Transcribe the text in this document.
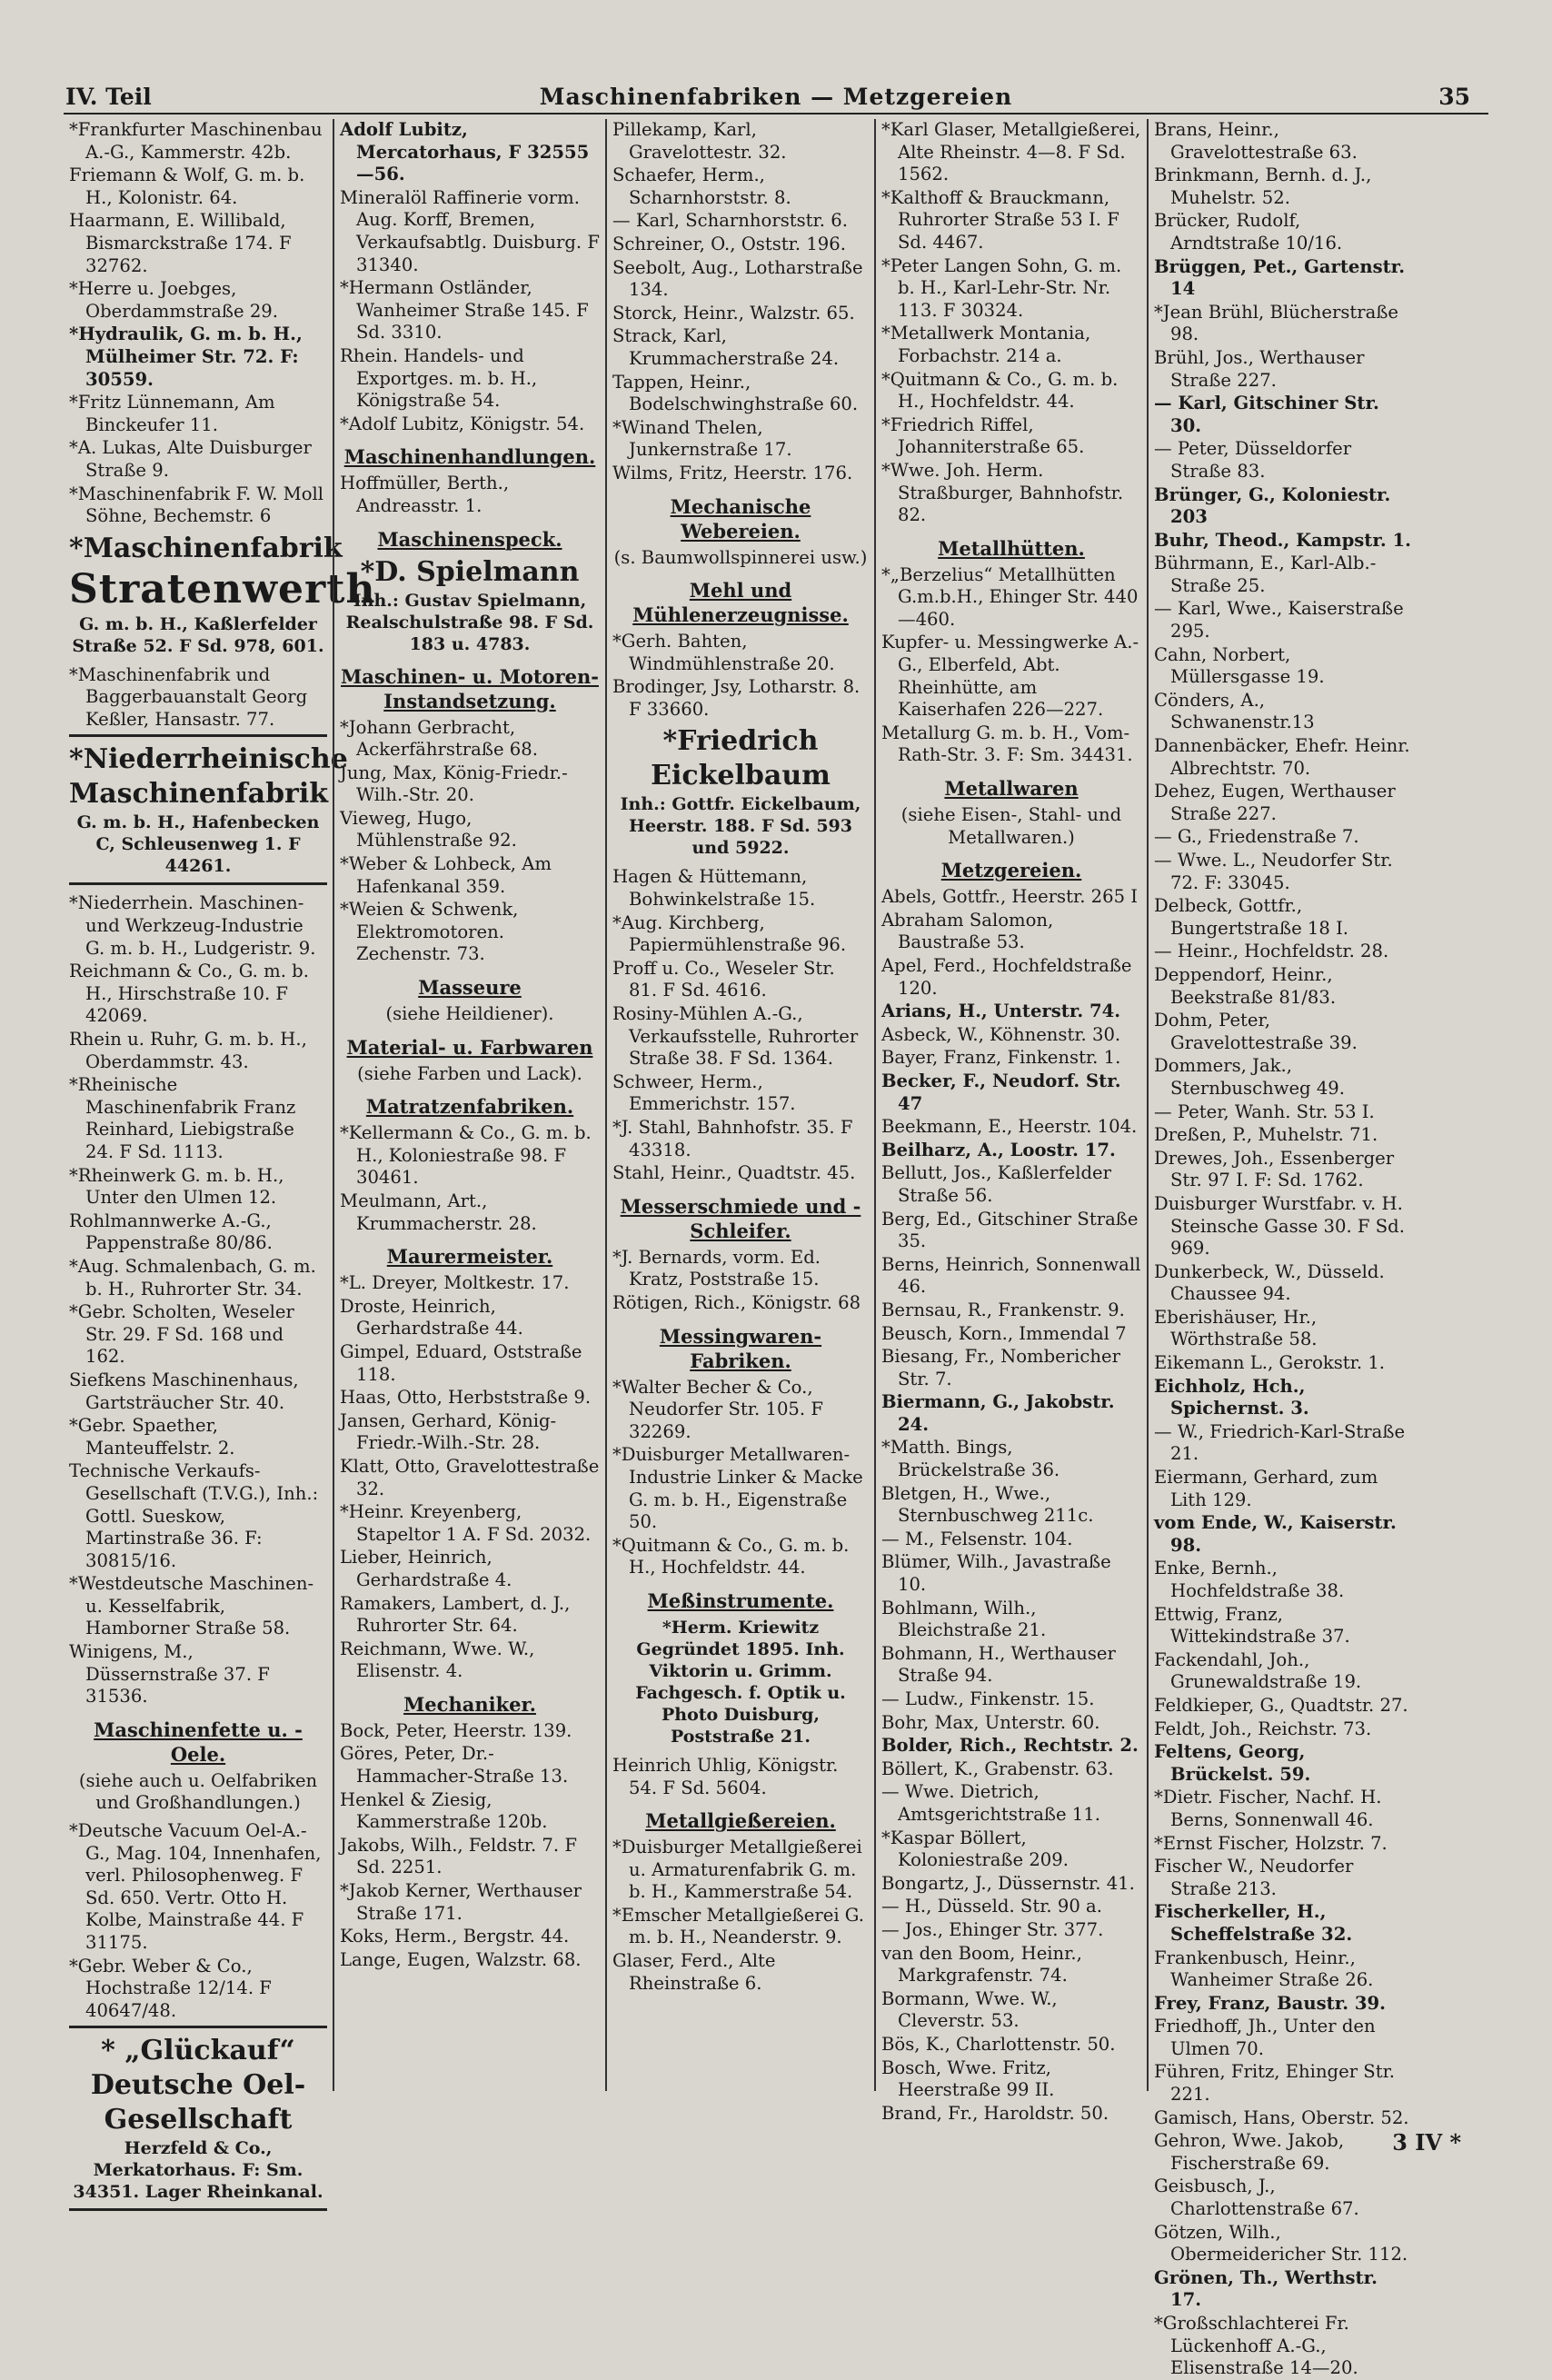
IV. Teil	Maschinenfabriken — Metzgereien	35
*Frankfurter Maschinenbau A.-G., Kammerstr. 42b.
Friemann & Wolf, G. m. b. H., Kolonistr. 64.
Haarmann, E. Willibald, Bismarckstraße 174. F 32762.
*Herre u. Joebges, Oberdammstraße 29.
*Hydraulik, G. m. b. H., Mülheimer Str. 72. F: 30559.
*Fritz Lünnemann, Am Binckeufer 11.
*A. Lukas, Alte Duisburger Straße 9.
*Maschinenfabrik F. W. Moll Söhne, Bechemstr. 6
*Maschinenfabrik
Stratenwerth
G. m. b. H., Kaßlerfelder Straße 52. F Sd. 978, 601.
*Maschinenfabrik und Baggerbauanstalt Georg Keßler, Hansastr. 77.
*Niederrheinische Maschinenfabrik
G. m. b. H., Hafenbecken C, Schleusenweg 1. F 44261.
*Niederrhein. Maschinen- und Werkzeug-Industrie G. m. b. H., Ludgeristr. 9.
Reichmann & Co., G. m. b. H., Hirschstraße 10. F 42069.
Rhein u. Ruhr, G. m. b. H., Oberdammstr. 43.
*Rheinische Maschinenfabrik Franz Reinhard, Liebigstraße 24. F Sd. 1113.
*Rheinwerk G. m. b. H., Unter den Ulmen 12.
Rohlmannwerke A.-G., Pappenstraße 80/86.
*Aug. Schmalenbach, G. m. b. H., Ruhrorter Str. 34.
*Gebr. Scholten, Weseler Str. 29. F Sd. 168 und 162.
Siefkens Maschinenhaus, Gartsträucher Str. 40.
*Gebr. Spaether, Manteuffelstr. 2.
Technische Verkaufs-Gesellschaft (T.V.G.), Inh.: Gottl. Sueskow, Martinstraße 36. F: 30815/16.
*Westdeutsche Maschinen- u. Kesselfabrik, Hamborner Straße 58.
Winigens, M., Düssernstraße 37. F 31536.
Maschinenfette u. -Oele.
(siehe auch u. Oelfabriken und Großhandlungen.)
*Deutsche Vacuum Oel-A.-G., Mag. 104, Innenhafen, verl. Philosophenweg. F Sd. 650. Vertr. Otto H. Kolbe, Mainstraße 44. F 31175.
*Gebr. Weber & Co., Hochstraße 12/14. F 40647/48.
* „Glückauf“ Deutsche Oel-Gesellschaft
Herzfeld & Co., Merkatorhaus. F: Sm. 34351. Lager Rheinkanal.
Adolf Lubitz, Mercatorhaus, F 32555—56.
Mineralöl Raffinerie vorm. Aug. Korff, Bremen, Verkaufsabtlg. Duisburg. F 31340.
*Hermann Ostländer, Wanheimer Straße 145. F Sd. 3310.
Rhein. Handels- und Exportges. m. b. H., Königstraße 54.
*Adolf Lubitz, Königstr. 54.
Maschinenhandlungen.
Hoffmüller, Berth., Andreasstr. 1.
Maschinenspeck.
*D. Spielmann
Inh.: Gustav Spielmann, Realschulstraße 98. F Sd. 183 u. 4783.
Maschinen- u. Motoren-Instandsetzung.
*Johann Gerbracht, Ackerfährstraße 68.
Jung, Max, König-Friedr.-Wilh.-Str. 20.
Vieweg, Hugo, Mühlenstraße 92.
*Weber & Lohbeck, Am Hafenkanal 359.
*Weien & Schwenk, Elektromotoren. Zechenstr. 73.
Masseure
(siehe Heildiener).
Material- u. Farbwaren
(siehe Farben und Lack).
Matratzenfabriken.
*Kellermann & Co., G. m. b. H., Koloniestraße 98. F 30461.
Meulmann, Art., Krummacherstr. 28.
Maurermeister.
*L. Dreyer, Moltkestr. 17.
Droste, Heinrich, Gerhardstraße 44.
Gimpel, Eduard, Oststraße 118.
Haas, Otto, Herbststraße 9.
Jansen, Gerhard, König-Friedr.-Wilh.-Str. 28.
Klatt, Otto, Gravelottestraße 32.
*Heinr. Kreyenberg, Stapeltor 1 A. F Sd. 2032.
Lieber, Heinrich, Gerhardstraße 4.
Ramakers, Lambert, d. J., Ruhrorter Str. 64.
Reichmann, Wwe. W., Elisenstr. 4.
Mechaniker.
Bock, Peter, Heerstr. 139.
Göres, Peter, Dr.-Hammacher-Straße 13.
Henkel & Ziesig, Kammerstraße 120b.
Jakobs, Wilh., Feldstr. 7. F Sd. 2251.
*Jakob Kerner, Werthauser Straße 171.
Koks, Herm., Bergstr. 44.
Lange, Eugen, Walzstr. 68.
Pillekamp, Karl, Gravelottestr. 32.
Schaefer, Herm., Scharnhorststr. 8.
— Karl, Scharnhorststr. 6.
Schreiner, O., Oststr. 196.
Seebolt, Aug., Lotharstraße 134.
Storck, Heinr., Walzstr. 65.
Strack, Karl, Krummacherstraße 24.
Tappen, Heinr., Bodelschwinghstraße 60.
*Winand Thelen, Junkernstraße 17.
Wilms, Fritz, Heerstr. 176.
Mechanische Webereien.
(s. Baumwollspinnerei usw.)
Mehl und Mühlenerzeugnisse.
*Gerh. Bahten, Windmühlenstraße 20.
Brodinger, Jsy, Lotharstr. 8. F 33660.
*Friedrich Eickelbaum
Inh.: Gottfr. Eickelbaum, Heerstr. 188. F Sd. 593 und 5922.
Hagen & Hüttemann, Bohwinkelstraße 15.
*Aug. Kirchberg, Papiermühlenstraße 96.
Proff u. Co., Weseler Str. 81. F Sd. 4616.
Rosiny-Mühlen A.-G., Verkaufsstelle, Ruhrorter Straße 38. F Sd. 1364.
Schweer, Herm., Emmerichstr. 157.
*J. Stahl, Bahnhofstr. 35. F 43318.
Stahl, Heinr., Quadtstr. 45.
Messerschmiede und -Schleifer.
*J. Bernards, vorm. Ed. Kratz, Poststraße 15.
Rötigen, Rich., Königstr. 68
Messingwaren-Fabriken.
*Walter Becher & Co., Neudorfer Str. 105. F 32269.
*Duisburger Metallwaren-Industrie Linker & Macke G. m. b. H., Eigenstraße 50.
*Quitmann & Co., G. m. b. H., Hochfeldstr. 44.
Meßinstrumente.
*Herm. Kriewitz Gegründet 1895. Inh. Viktorin u. Grimm. Fachgesch. f. Optik u. Photo Duisburg, Poststraße 21.
Heinrich Uhlig, Königstr. 54. F Sd. 5604.
Metallgießereien.
*Duisburger Metallgießerei u. Armaturenfabrik G. m. b. H., Kammerstraße 54.
*Emscher Metallgießerei G. m. b. H., Neanderstr. 9.
Glaser, Ferd., Alte Rheinstraße 6.
*Karl Glaser, Metallgießerei, Alte Rheinstr. 4—8. F Sd. 1562.
*Kalthoff & Brauckmann, Ruhrorter Straße 53 I. F Sd. 4467.
*Peter Langen Sohn, G. m. b. H., Karl-Lehr-Str. Nr. 113. F 30324.
*Metallwerk Montania, Forbachstr. 214 a.
*Quitmann & Co., G. m. b. H., Hochfeldstr. 44.
*Friedrich Riffel, Johanniterstraße 65.
*Wwe. Joh. Herm. Straßburger, Bahnhofstr. 82.
Metallhütten.
*„Berzelius“ Metallhütten G.m.b.H., Ehinger Str. 440—460.
Kupfer- u. Messingwerke A.-G., Elberfeld, Abt. Rheinhütte, am Kaiserhafen 226—227.
Metallurg G. m. b. H., Vom-Rath-Str. 3. F: Sm. 34431.
Metallwaren
(siehe Eisen-, Stahl- und Metallwaren.)
Metzgereien.
Abels, Gottfr., Heerstr. 265 I
Abraham Salomon, Baustraße 53.
Apel, Ferd., Hochfeldstraße 120.
Arians, H., Unterstr. 74.
Asbeck, W., Köhnenstr. 30.
Bayer, Franz, Finkenstr. 1.
Becker, F., Neudorf. Str. 47
Beekmann, E., Heerstr. 104.
Beilharz, A., Loostr. 17.
Bellutt, Jos., Kaßlerfelder Straße 56.
Berg, Ed., Gitschiner Straße 35.
Berns, Heinrich, Sonnenwall 46.
Bernsau, R., Frankenstr. 9.
Beusch, Korn., Immendal 7
Biesang, Fr., Nombericher Str. 7.
Biermann, G., Jakobstr. 24.
*Matth. Bings, Brückelstraße 36.
Bletgen, H., Wwe., Sternbuschweg 211c.
— M., Felsenstr. 104.
Blümer, Wilh., Javastraße 10.
Bohlmann, Wilh., Bleichstraße 21.
Bohmann, H., Werthauser Straße 94.
— Ludw., Finkenstr. 15.
Bohr, Max, Unterstr. 60.
Bolder, Rich., Rechtstr. 2.
Böllert, K., Grabenstr. 63.
— Wwe. Dietrich, Amtsgerichtstraße 11.
*Kaspar Böllert, Koloniestraße 209.
Bongartz, J., Düssernstr. 41.
— H., Düsseld. Str. 90 a.
— Jos., Ehinger Str. 377.
van den Boom, Heinr., Markgrafenstr. 74.
Bormann, Wwe. W., Cleverstr. 53.
Bös, K., Charlottenstr. 50.
Bosch, Wwe. Fritz, Heerstraße 99 II.
Brand, Fr., Haroldstr. 50.
Brans, Heinr., Gravelottestraße 63.
Brinkmann, Bernh. d. J., Muhelstr. 52.
Brücker, Rudolf, Arndtstraße 10/16.
Brüggen, Pet., Gartenstr. 14
*Jean Brühl, Blücherstraße 98.
Brühl, Jos., Werthauser Straße 227.
— Karl, Gitschiner Str. 30.
— Peter, Düsseldorfer Straße 83.
Brünger, G., Koloniestr. 203
Buhr, Theod., Kampstr. 1.
Bührmann, E., Karl-Alb.-Straße 25.
— Karl, Wwe., Kaiserstraße 295.
Cahn, Norbert, Müllersgasse 19.
Cönders, A., Schwanenstr.13
Dannenbäcker, Ehefr. Heinr. Albrechtstr. 70.
Dehez, Eugen, Werthauser Straße 227.
— G., Friedenstraße 7.
— Wwe. L., Neudorfer Str. 72. F: 33045.
Delbeck, Gottfr., Bungertstraße 18 I.
— Heinr., Hochfeldstr. 28.
Deppendorf, Heinr., Beekstraße 81/83.
Dohm, Peter, Gravelottestraße 39.
Dommers, Jak., Sternbuschweg 49.
— Peter, Wanh. Str. 53 I.
Dreßen, P., Muhelstr. 71.
Drewes, Joh., Essenberger Str. 97 I. F: Sd. 1762.
Duisburger Wurstfabr. v. H. Steinsche Gasse 30. F Sd. 969.
Dunkerbeck, W., Düsseld. Chaussee 94.
Eberishäuser, Hr., Wörthstraße 58.
Eikemann L., Gerokstr. 1.
Eichholz, Hch., Spichernst. 3.
— W., Friedrich-Karl-Straße 21.
Eiermann, Gerhard, zum Lith 129.
vom Ende, W., Kaiserstr. 98.
Enke, Bernh., Hochfeldstraße 38.
Ettwig, Franz, Wittekindstraße 37.
Fackendahl, Joh., Grunewaldstraße 19.
Feldkieper, G., Quadtstr. 27.
Feldt, Joh., Reichstr. 73.
Feltens, Georg, Brückelst. 59.
*Dietr. Fischer, Nachf. H. Berns, Sonnenwall 46.
*Ernst Fischer, Holzstr. 7.
Fischer W., Neudorfer Straße 213.
Fischerkeller, H., Scheffelstraße 32.
Frankenbusch, Heinr., Wanheimer Straße 26.
Frey, Franz, Baustr. 39.
Friedhoff, Jh., Unter den Ulmen 70.
Führen, Fritz, Ehinger Str. 221.
Gamisch, Hans, Oberstr. 52.
Gehron, Wwe. Jakob, Fischerstraße 69.
Geisbusch, J., Charlottenstraße 67.
Götzen, Wilh., Obermeidericher Str. 112.
Grönen, Th., Werthstr. 17.
*Großschlachterei Fr. Lückenhoff A.-G., Elisenstraße 14—20.
3 IV *
